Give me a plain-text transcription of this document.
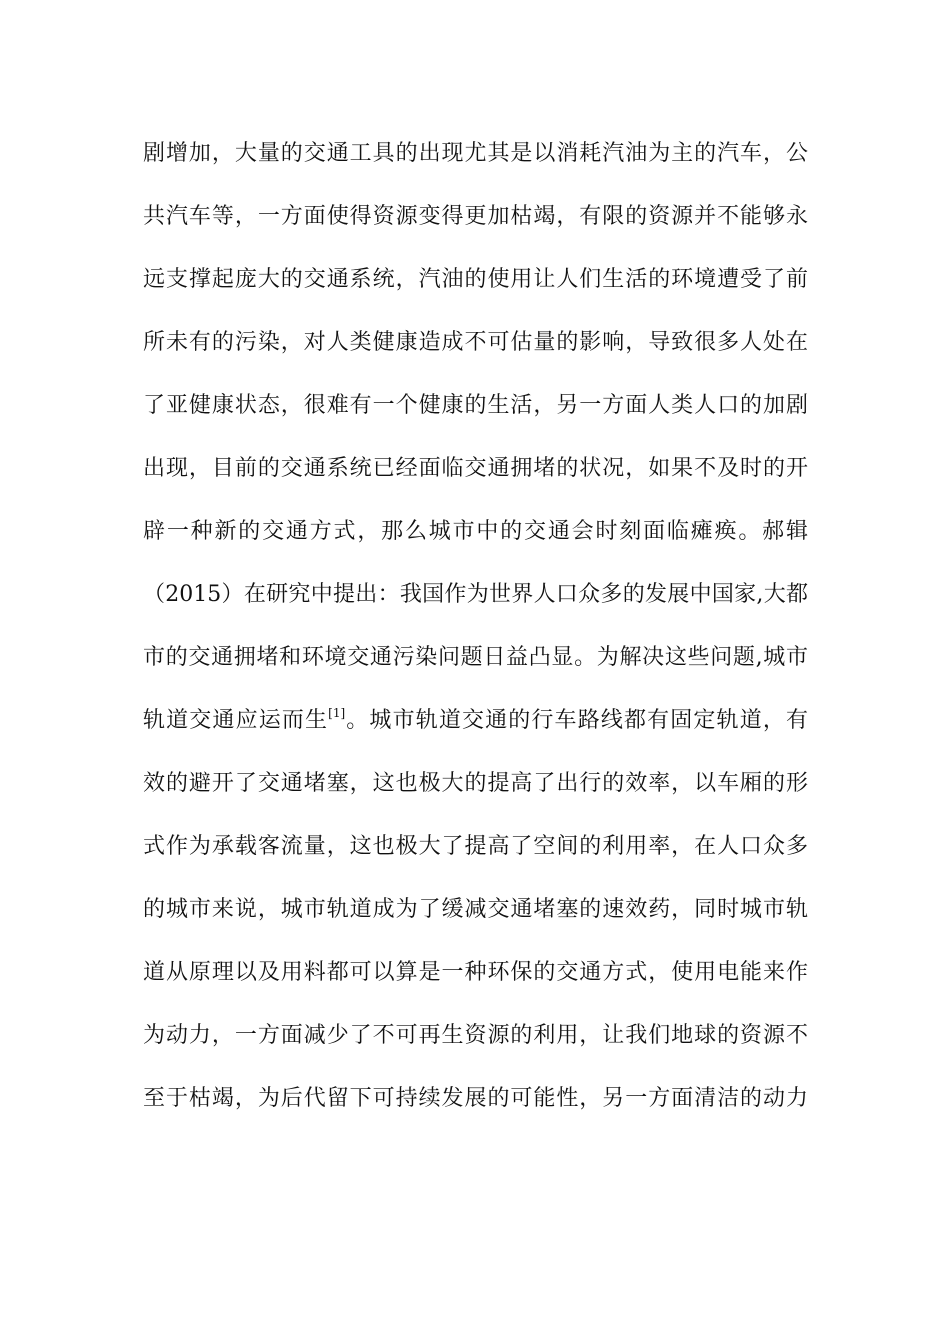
剧增加，大量的交通工具的出现尤其是以消耗汽油为主的汽车，公
共汽车等，一方面使得资源变得更加枯竭，有限的资源并不能够永
远支撑起庞大的交通系统，汽油的使用让人们生活的环境遭受了前
所未有的污染，对人类健康造成不可估量的影响，导致很多人处在
了亚健康状态，很难有一个健康的生活，另一方面人类人口的加剧
出现，目前的交通系统已经面临交通拥堵的状况，如果不及时的开
辟一种新的交通方式，那么城市中的交通会时刻面临瘫痪。郝辑
（2015）在研究中提出：我国作为世界人口众多的发展中国家,大都
市的交通拥堵和环境交通污染问题日益凸显。为解决这些问题,城市
轨道交通应运而生[1]。城市轨道交通的行车路线都有固定轨道，有
效的避开了交通堵塞，这也极大的提高了出行的效率，以车厢的形
式作为承载客流量，这也极大了提高了空间的利用率，在人口众多
的城市来说，城市轨道成为了缓减交通堵塞的速效药，同时城市轨
道从原理以及用料都可以算是一种环保的交通方式，使用电能来作
为动力，一方面减少了不可再生资源的利用，让我们地球的资源不
至于枯竭，为后代留下可持续发展的可能性，另一方面清洁的动力
